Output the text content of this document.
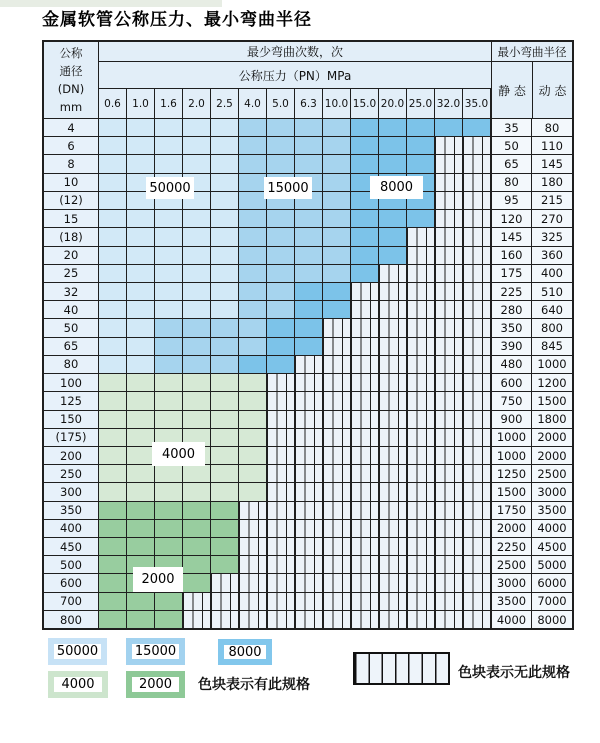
金属软管公称压力、最小弯曲半径
公称
通径
(DN)
mm
最少弯曲次数，次
公称压力（PN）MPa
0.6	1.0	1.6	2.0	2.5	4.0	5.0	6.3 10.0 15.0 20.0 25.0 32.0 35.0
最小弯曲半径
静 态	动 态
4	35	80
6	50	110
8	65	145
10	80	180
(12)	95	215
15	120	270
(18)	145	325
20	160	360
25	175	400
32	225	510
40	280	640
50	350	800
65	390	845
80	480	1000
100	600	1200
125	750	1500
150	900	1800
(175)	1000 2000
200	1000 2000
250	1250 2500
300	1500 3000
350	1750 3500
400	2000 4000
450	2250 4500
500	2500 5000
600	3000 6000
700	3500 7000
800	4000 8000
50000	15000	8000
4000
2000
50000	15000	8000
4000	2000	色块表示有此规格
色块表示无此规格
